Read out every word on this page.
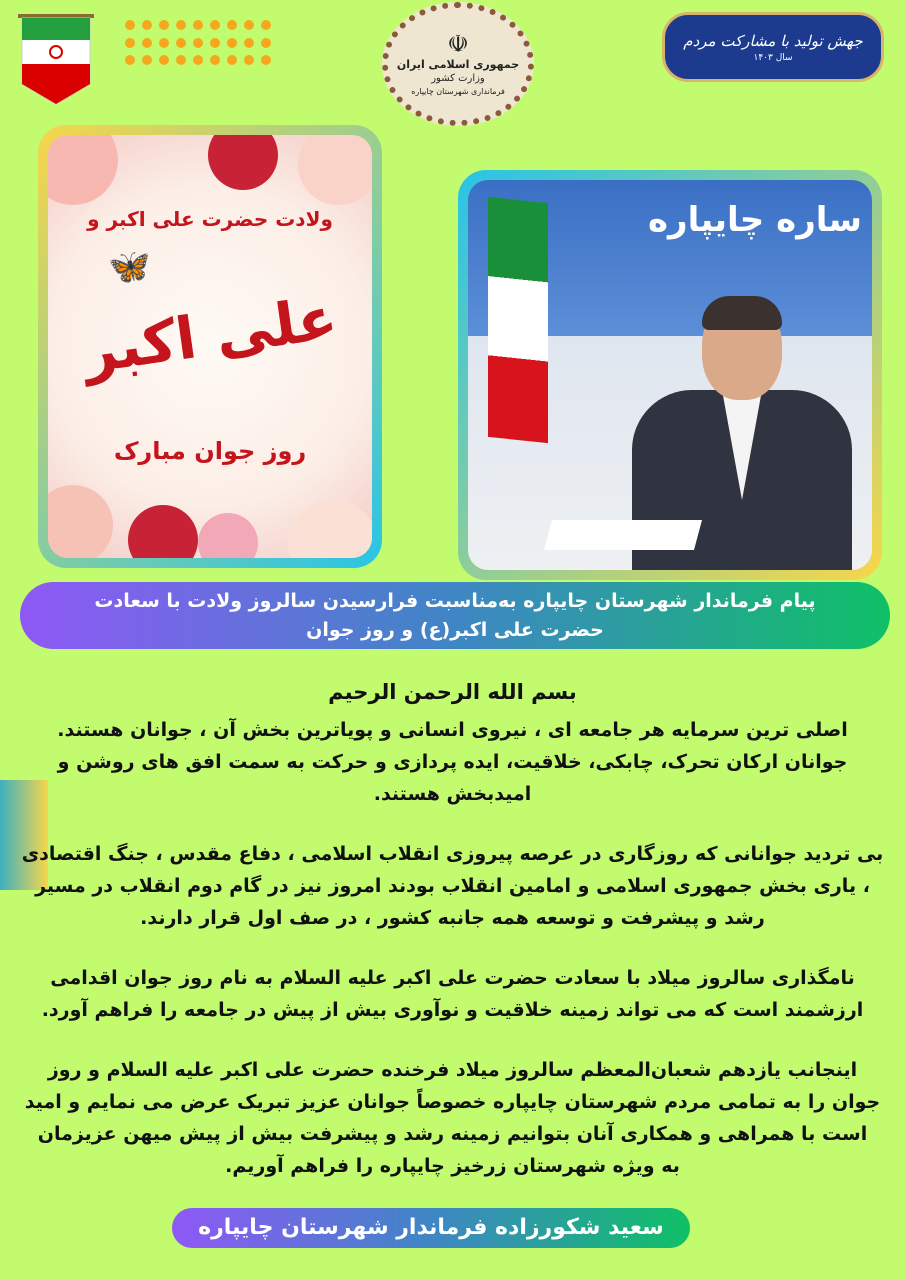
☫
جمهوری اسلامی ایران
وزارت کشور
فرمانداری شهرستان چایپاره
جهش تولید با مشارکت مردم
سال ۱۴۰۳
🦋
ولادت حضرت علی اکبر و
علی اکبر
روز جوان مبارک
ساره چایپاره
پیام فرماندار شهرستان چایپاره به‌مناسبت فرارسیدن سالروز ولادت با سعادت
حضرت علی اکبر(ع) و روز جوان
بسم الله الرحمن الرحیم

اصلی ترین سرمایه هر جامعه ای ، نیروی انسانی و پویاترین بخش آن ، جوانان هستند.
جوانان ارکان تحرک، چابکی، خلاقیت، ایده پردازی و حرکت به سمت افق های روشن و
امیدبخش هستند.

بی تردید جوانانی که روزگاری در عرصه پیروزی انقلاب اسلامی ، دفاع مقدس ، جنگ اقتصادی
، یاری بخش جمهوری اسلامی و امامین انقلاب بودند امروز نیز در گام دوم انقلاب در مسیر
رشد و پیشرفت و توسعه همه جانبه کشور ، در صف اول قرار دارند.

نامگذاری سالروز میلاد با سعادت حضرت علی اکبر علیه السلام به نام روز جوان اقدامی
ارزشمند است که می تواند زمینه خلاقیت و نوآوری بیش از پیش در جامعه را فراهم آورد.

اینجانب یازدهم شعبان‌المعظم سالروز میلاد فرخنده حضرت علی اکبر علیه السلام و روز
جوان را به تمامی مردم شهرستان چایپاره خصوصاً جوانان عزیز تبریک عرض می نمایم و امید
است با همراهی و همکاری آنان بتوانیم زمینه رشد و پیشرفت بیش از پیش میهن عزیزمان
به ویژه شهرستان زرخیز چایپاره را فراهم آوریم.

سعید شکورزاده فرماندار شهرستان چایپاره
